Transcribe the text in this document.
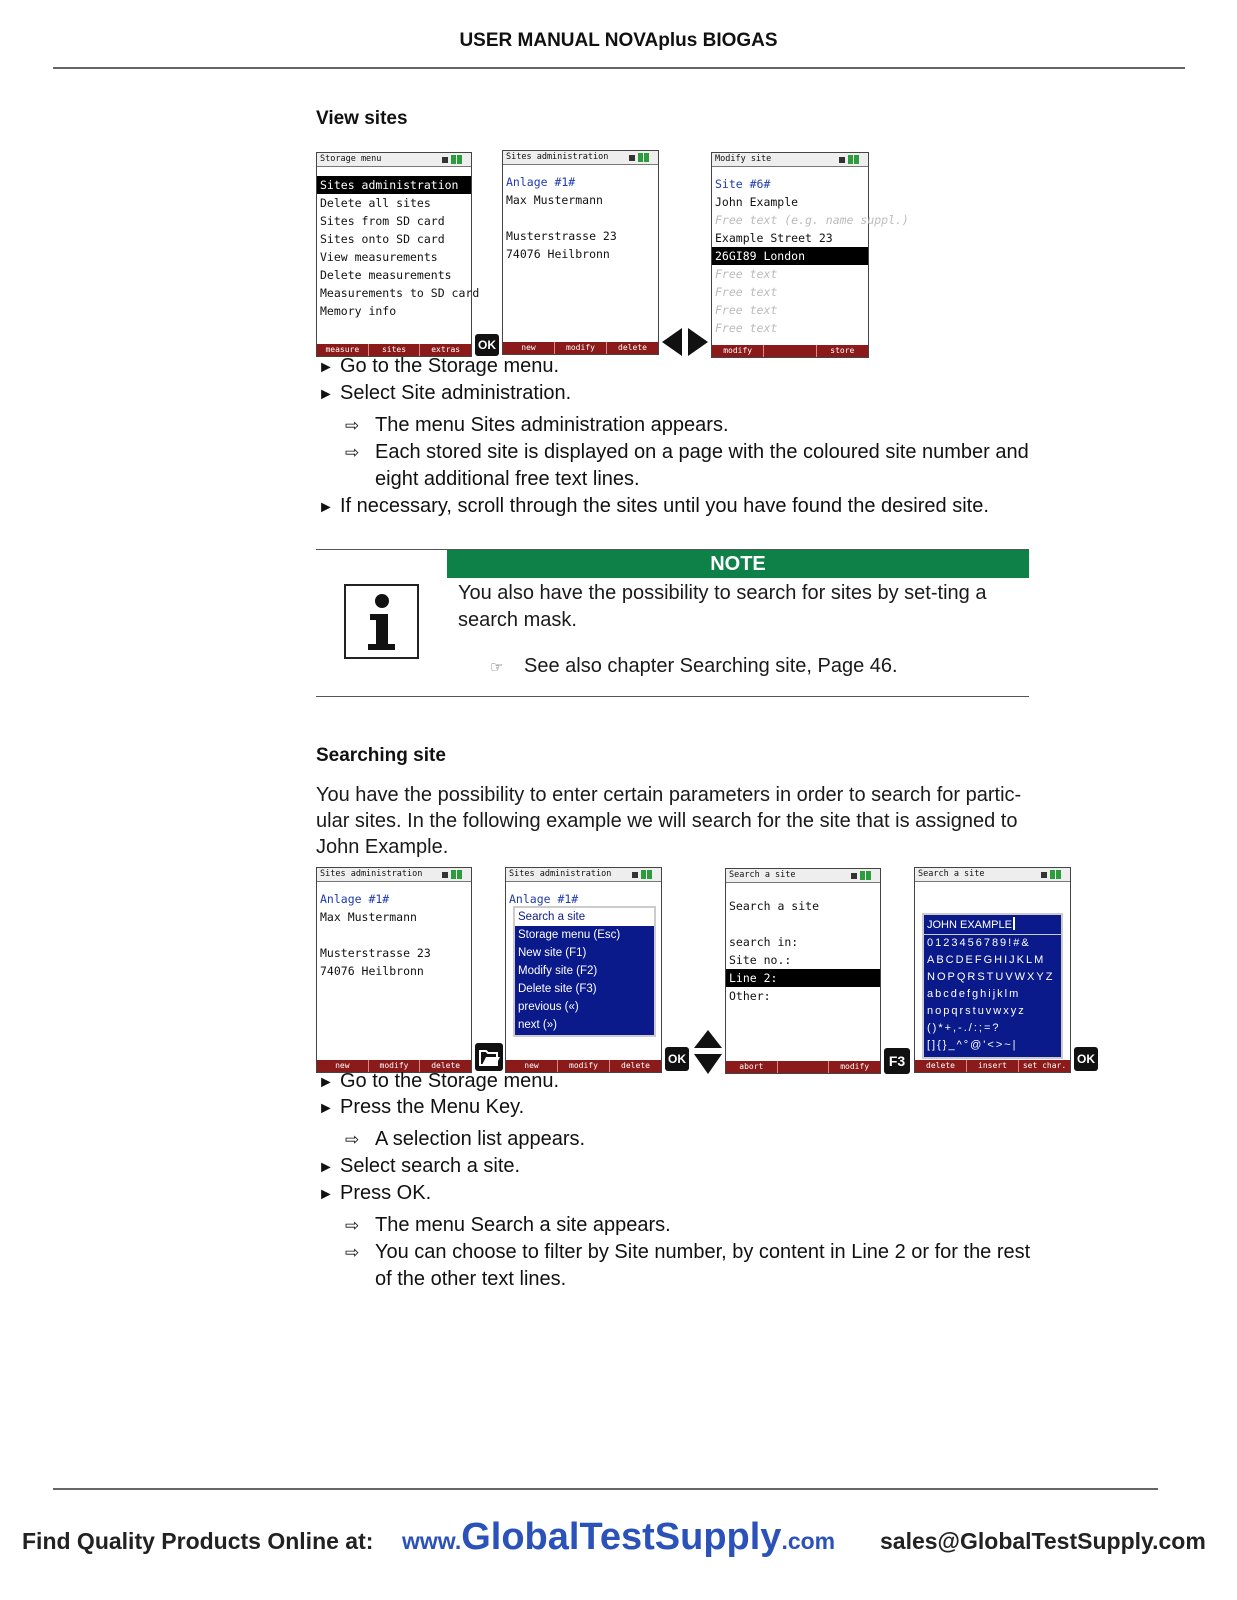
USER MANUAL NOVAplus BIOGAS
View sites
Storage menu
Sites administration
Delete all sites
Sites from SD card
Sites onto SD card
View measurements
Delete measurements
Measurements to SD card
Memory info
measure	sites	extras	OK
Sites administration
Anlage #1#
Max Mustermann
Musterstrasse 23
74076 Heilbronn
new	modify	delete
Modify site
Site #6#
John Example
Free text (e.g. name suppl.)
Example Street 23
26GI89 London
Free text
Free text
Free text
Free text
modify	store
► Go to the Storage menu.
► Select Site administration.
⇨ The menu Sites administration appears.
⇨ Each stored site is displayed on a page with the coloured site number and eight additional free text lines.
► If necessary, scroll through the sites until you have found the desired site.
NOTE
You also have the possibility to search for sites by set-ting a search mask.
☞ See also chapter Searching site, Page 46.
Searching site
You have the possibility to enter certain parameters in order to search for partic-ular sites. In the following example we will search for the site that is assigned to John Example.
Sites administration
Anlage #1#
Max Mustermann
Musterstrasse 23
74076 Heilbronn
new	modify	delete
Sites administration
Anlage #1#
new	modify	delete
Search a site
Storage menu (Esc)
New site (F1)
Modify site (F2)
Delete site (F3)
previous («)
next (»)
OK
Search a site
Search a site
search in:
Site no.:
Line 2:
Other:
abort	modify	F3
Search a site
delete	insert	set char.
JOHN EXAMPLE
0123456789!#&
ABCDEFGHIJKLM
NOPQRSTUVWXYZ
abcdefghijklm
nopqrstuvwxyz
()*+,-./:;=?
[]{}_^°@'<>~|
OK
► Go to the Storage menu.
► Press the Menu Key.
⇨ A selection list appears.
► Select search a site.
► Press OK.
⇨ The menu Search a site appears.
⇨ You can choose to filter by Site number, by content in Line 2 or for the rest of the other text lines.
Find Quality Products Online at: www.GlobalTestSupply.com sales@GlobalTestSupply.com
